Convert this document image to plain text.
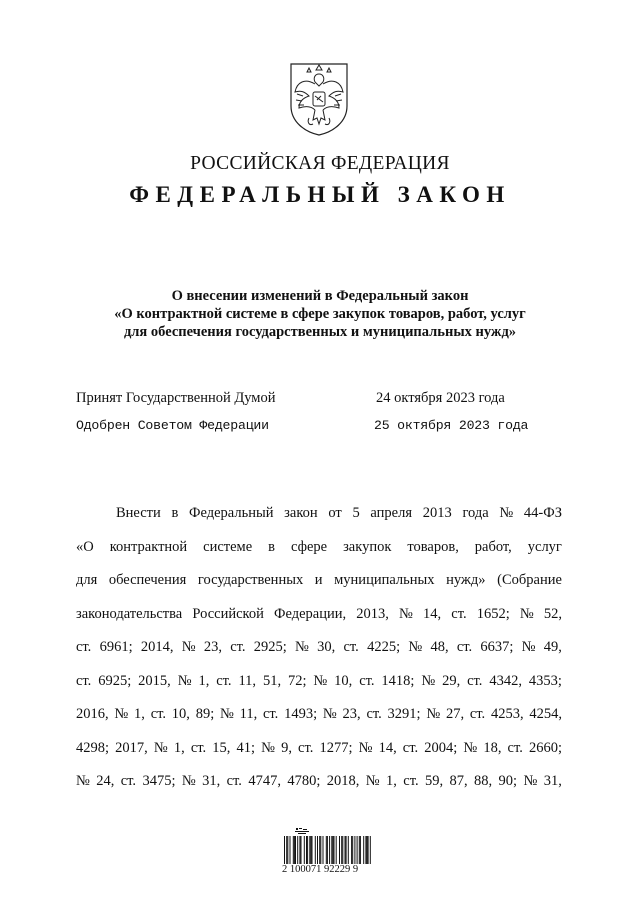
РОССИЙСКАЯ ФЕДЕРАЦИЯ
ФЕДЕРАЛЬНЫЙ ЗАКОН
О внесении изменений в Федеральный закон
«О контрактной системе в сфере закупок товаров, работ, услуг
для обеспечения государственных и муниципальных нужд»
Принят Государственной Думой	24 октября 2023 года
Одобрен Советом Федерации	25 октября 2023 года
Внести в Федеральный закон от 5 апреля 2013 года № 44-ФЗ
«О контрактной системе в сфере закупок товаров, работ, услуг
для обеспечения государственных и муниципальных нужд» (Собрание
законодательства Российской Федерации, 2013, № 14, ст. 1652; № 52,
ст. 6961; 2014, № 23, ст. 2925; № 30, ст. 4225; № 48, ст. 6637; № 49,
ст. 6925; 2015, № 1, ст. 11, 51, 72; № 10, ст. 1418; № 29, ст. 4342, 4353;
2016, № 1, ст. 10, 89; № 11, ст. 1493; № 23, ст. 3291; № 27, ст. 4253, 4254,
4298; 2017, № 1, ст. 15, 41; № 9, ст. 1277; № 14, ст. 2004; № 18, ст. 2660;
№ 24, ст. 3475; № 31, ст. 4747, 4780; 2018, № 1, ст. 59, 87, 88, 90; № 31,
2 100071 92229 9
